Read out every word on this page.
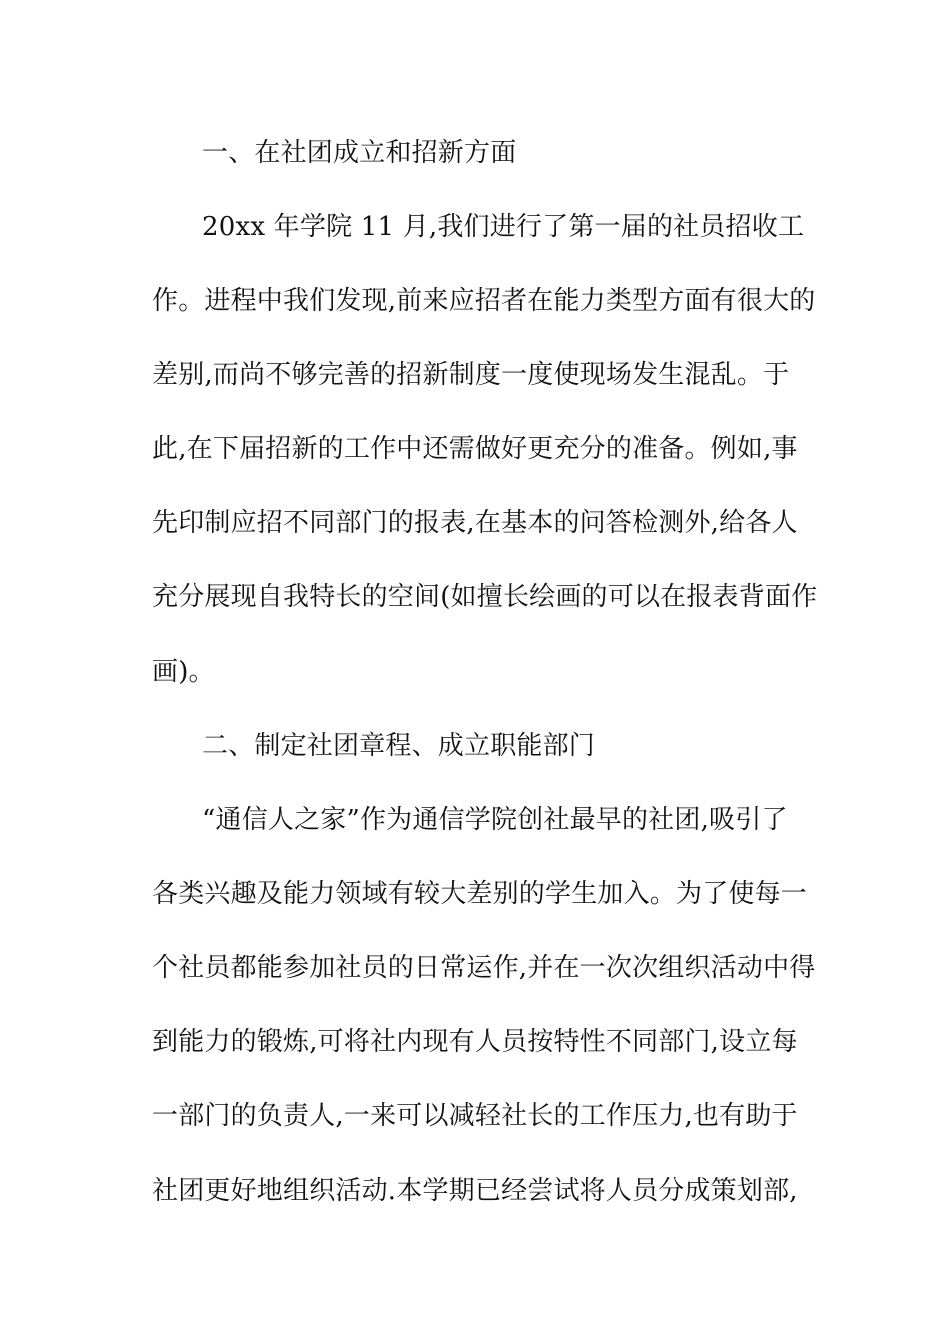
一、在社团成立和招新方面
20xx 年学院 11 月,我们进行了第一届的社员招收工
作。进程中我们发现,前来应招者在能力类型方面有很大的
差别,而尚不够完善的招新制度一度使现场发生混乱。于
此,在下届招新的工作中还需做好更充分的准备。例如,事
先印制应招不同部门的报表,在基本的问答检测外,给各人
充分展现自我特长的空间(如擅长绘画的可以在报表背面作
画)。
二、制定社团章程、成立职能部门
“通信人之家”作为通信学院创社最早的社团,吸引了
各类兴趣及能力领域有较大差别的学生加入。为了使每一
个社员都能参加社员的日常运作,并在一次次组织活动中得
到能力的锻炼,可将社内现有人员按特性不同部门,设立每
一部门的负责人,一来可以减轻社长的工作压力,也有助于
社团更好地组织活动.本学期已经尝试将人员分成策划部,
